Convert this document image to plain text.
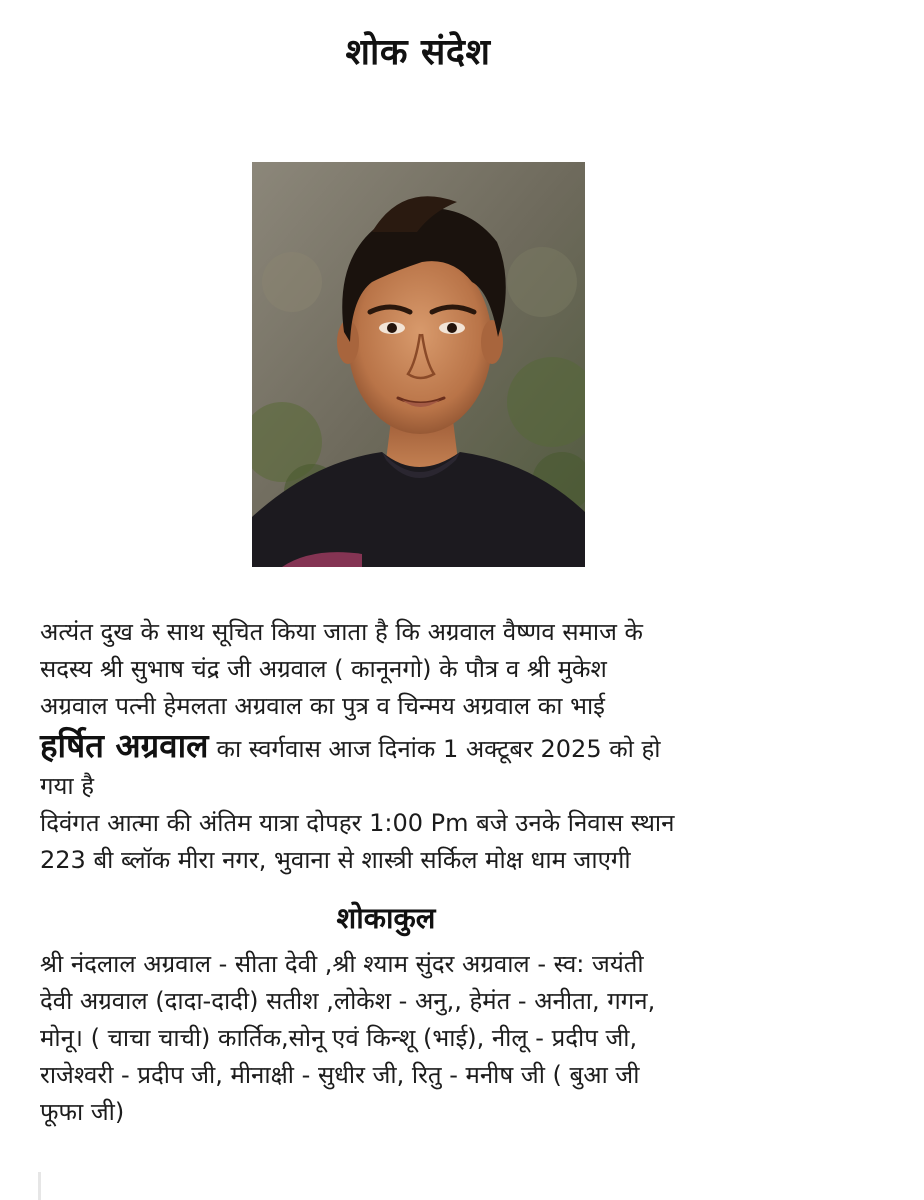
शोक संदेश
अत्यंत दुख के साथ सूचित किया जाता है कि अग्रवाल वैष्णव समाज के
सदस्य श्री सुभाष चंद्र जी अग्रवाल ( कानूनगो) के पौत्र व श्री मुकेश
अग्रवाल पत्नी हेमलता अग्रवाल का पुत्र व चिन्मय अग्रवाल का भाई
हर्षित अग्रवाल का स्वर्गवास आज दिनांक 1 अक्टूबर 2025 को हो
गया है
दिवंगत आत्मा की अंतिम यात्रा दोपहर 1:00 Pm बजे उनके निवास स्थान
223 बी ब्लॉक मीरा नगर, भुवाना से शास्त्री सर्किल मोक्ष धाम जाएगी
शोकाकुल
श्री नंदलाल अग्रवाल - सीता देवी ,श्री श्याम सुंदर अग्रवाल - स्व: जयंती
देवी अग्रवाल (दादा-दादी) सतीश ,लोकेश - अनु,, हेमंत - अनीता, गगन,
मोनू। ( चाचा चाची) कार्तिक,सोनू एवं किन्शू (भाई), नीलू - प्रदीप जी,
राजेश्वरी - प्रदीप जी, मीनाक्षी - सुधीर जी, रितु - मनीष जी ( बुआ जी
फूफा जी)
